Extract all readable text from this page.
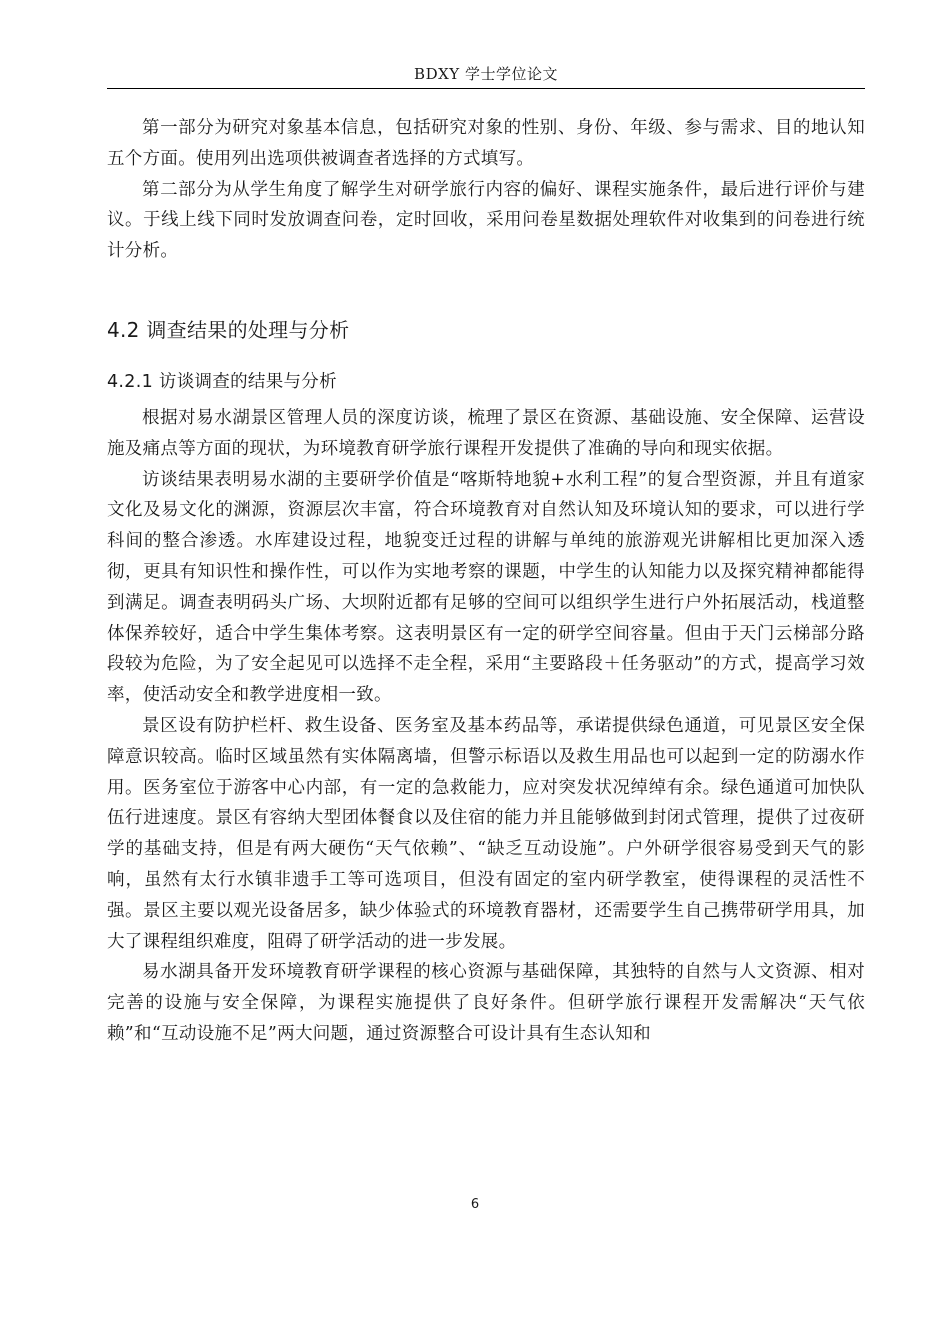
BDXY 学士学位论文

第一部分为研究对象基本信息，包括研究对象的性别、身份、年级、参与需求、目的地认知五个方面。使用列出选项供被调查者选择的方式填写。

第二部分为从学生角度了解学生对研学旅行内容的偏好、课程实施条件，最后进行评价与建议。于线上线下同时发放调查问卷，定时回收，采用问卷星数据处理软件对收集到的问卷进行统计分析。

4.2 调查结果的处理与分析
4.2.1 访谈调查的结果与分析

根据对易水湖景区管理人员的深度访谈，梳理了景区在资源、基础设施、安全保障、运营设施及痛点等方面的现状，为环境教育研学旅行课程开发提供了准确的导向和现实依据。

访谈结果表明易水湖的主要研学价值是“喀斯特地貌+水利工程”的复合型资源，并且有道家文化及易文化的渊源，资源层次丰富，符合环境教育对自然认知及环境认知的要求，可以进行学科间的整合渗透。水库建设过程，地貌变迁过程的讲解与单纯的旅游观光讲解相比更加深入透彻，更具有知识性和操作性，可以作为实地考察的课题，中学生的认知能力以及探究精神都能得到满足。调查表明码头广场、大坝附近都有足够的空间可以组织学生进行户外拓展活动，栈道整体保养较好，适合中学生集体考察。这表明景区有一定的研学空间容量。但由于天门云梯部分路段较为危险，为了安全起见可以选择不走全程，采用“主要路段＋任务驱动”的方式，提高学习效率，使活动安全和教学进度相一致。

景区设有防护栏杆、救生设备、医务室及基本药品等，承诺提供绿色通道，可见景区安全保障意识较高。临时区域虽然有实体隔离墙，但警示标语以及救生用品也可以起到一定的防溺水作用。医务室位于游客中心内部，有一定的急救能力，应对突发状况绰绰有余。绿色通道可加快队伍行进速度。景区有容纳大型团体餐食以及住宿的能力并且能够做到封闭式管理，提供了过夜研学的基础支持，但是有两大硬伤“天气依赖”、“缺乏互动设施”。户外研学很容易受到天气的影响，虽然有太行水镇非遗手工等可选项目，但没有固定的室内研学教室，使得课程的灵活性不强。景区主要以观光设备居多，缺少体验式的环境教育器材，还需要学生自己携带研学用具，加大了课程组织难度，阻碍了研学活动的进一步发展。

易水湖具备开发环境教育研学课程的核心资源与基础保障，其独特的自然与人文资源、相对完善的设施与安全保障，为课程实施提供了良好条件。但研学旅行课程开发需解决“天气依赖”和“互动设施不足”两大问题，通过资源整合可设计具有生态认知和

6
